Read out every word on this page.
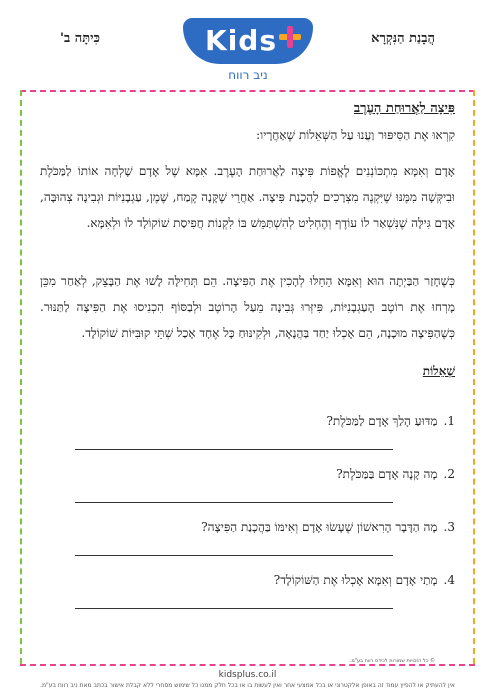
כִּיתָּה ב'	הֲבָנַת הַנִּקְרָא
Kids
ניב רווח
פִּיצָה לַאֲרוּחַת הָעֶרֶב
קִרְאוּ אֶת הַסִּיפּוּר וַעֲנוּ עַל הַשְּׁאֵלוֹת שֶׁאַחֲרָיו:
אָדָם וְאִמָּא מִתְכּוֹנְנִים לֶאֱפוֹת פִּיצָה לַאֲרוּחַת הָעֶרֶב. אִמָּא שֶׁל אָדָם שָׁלְחָה אוֹתוֹ לַמַּכֹּלֶת וּבִיקְּשָׁה מִמֶּנּוּ שֶׁיִּקְנֶה מִצְרָכִים לַהֲכָנַת פִּיצָה. אַחֲרֵי שֶׁקָּנָה קֶמַח, שֶׁמֶן, עַגְבָנִיּוֹת וּגְבִינָה צְהוּבָּה, אָדָם גִּילָּה שֶׁנִּשְׁאַר לוֹ עוֹדֶף וְהֶחְלִיט לְהִשְׁתַּמֵּשׁ בּוֹ לִקְנוֹת חֲפִיסַת שׁוֹקוֹלָד לוֹ וּלְאִמָּא.
כְּשֶׁחָזַר הַבַּיְתָה הוּא וְאִמָּא הֵחֵלּוּ לְהָכִין אֶת הַפִּיצָה. הֵם תְּחִילָּה לָשׁוּ אֶת הַבָּצֵק, לְאַחַר מִכֵּן מָרְחוּ אֶת רוֹטֶב הָעַגְבָנִיּוֹת, פִּיזְּרוּ גְּבִינָה מֵעַל הָרוֹטֶב וּלְבַסּוֹף הִכְנִיסוּ אֶת הַפִּיצָה לַתַּנּוּר. כְּשֶׁהַפִּיצָה מוּכָנָה, הֵם אָכְלוּ יַחַד בַּהֲנָאָה, וּלְקִינּוּחַ כָּל אֶחָד אָכַל שְׁתֵּי קוּבִּיּוֹת שׁוֹקוֹלָד.
שְׁאֵלוֹת
1.מַדּוּעַ הָלַךְ אָדָם לַמַּכֹּלֶת?
2.מָה קָנָה אָדָם בַּמַּכֹּלֶת?
3.מָה הַדָּבָר הָרִאשׁוֹן שֶׁעָשׂוּ אָדָם וְאִימּוֹ בַּהֲכָנַת הַפִּיצָה?
4.מָתַי אָדָם וְאִמָּא אָכְלוּ אֶת הַשּׁוֹקוֹלָד?
© כל הזכויות שמורות לכידס רווח בע"מ.
kidsplus.co.il
אין להעתיק או להפיץ עמוד זה באופן אלקטרוני או בכל אמצעי אחר ואין לעשות בו או בכל חלק ממנו כל שימוש מסחרי ללא קבלת אישור בכתב מאת ניב רווח בע"מ.
